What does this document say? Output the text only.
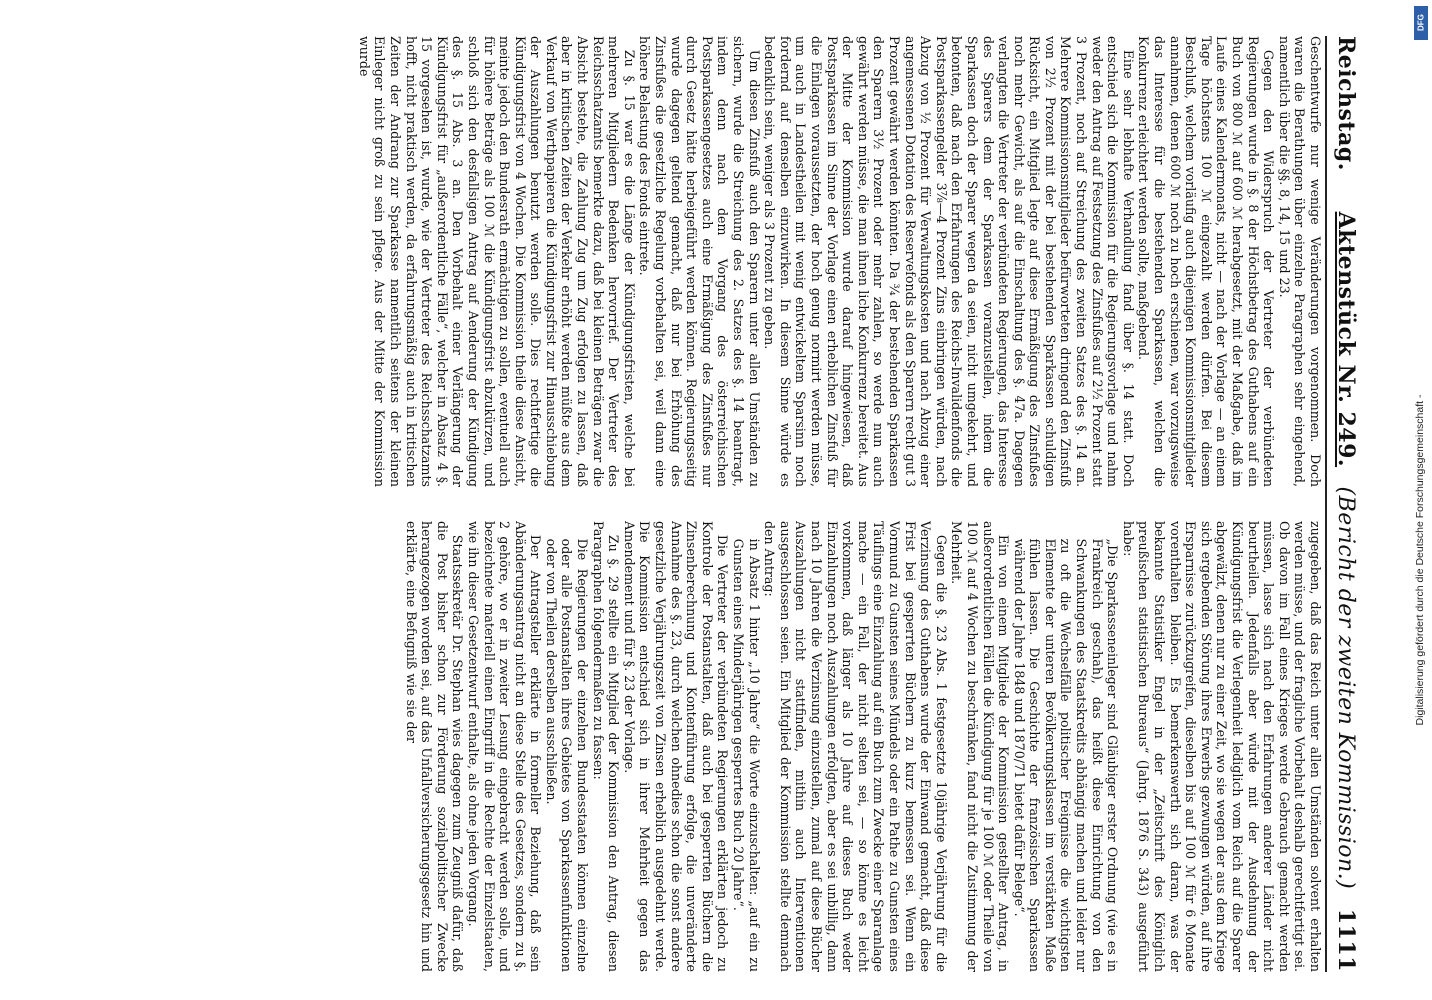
Reichstag.     Aktenstück Nr. 249.
(Bericht der zweiten Kommission.)
1111

Geschentwurfe nur wenige Veränderungen vorgenommen. Doch waren die Berathungen über einzelne Paragraphen sehr eingehend, namentlich über die §§. 8, 14, 15 und 23.

Gegen den Widerspruch der Vertreter der verbündeten Regierungen wurde in §. 8 der Höchstbetrag des Guthabens auf ein Buch von 800 ℳ auf 600 ℳ herabgesetzt, mit der Maßgabe, daß im Laufe eines Kalendermonats, nicht — nach der Vorlage — an einem Tage höchstens 100 ℳ eingezahlt werden dürfen. Bei diesem Beschluß, welchem vorläufig auch diejenigen Kommissionsmitglieder annahmen, denen 600 ℳ noch zu hoch erschienen, war vorzugsweise das Interesse für die bestehenden Sparkassen, welchen die Konkurrenz erleichtert werden sollte, maßgebend.

Eine sehr lebhafte Verhandlung fand über §. 14 statt. Doch entschied sich die Kommission für die Regierungsvorlage und nahm weder den Antrag auf Festsetzung des Zinsfußes auf 2½ Prozent statt 3 Prozent, noch auf Streichung des zweiten Satzes des §. 14 an. Mehrere Kommissionsmitglieder befürworteten dringend den Zinsfuß von 2½ Prozent mit der bei bestehenden Sparkassen schuldigen Rücksicht, ein Mitglied legte auf diese Ermäßigung des Zinsfußes noch mehr Gewicht, als auf die Einschaltung des §. 47a. Dagegen verlangten die Vertreter der verbündeten Regierungen, das Interesse des Sparers dem der Sparkassen voranzustellen, indem die Sparkassen doch der Sparer wegen da seien, nicht umgekehrt, und betonten, daß nach den Erfahrungen des Reichs-Invalidenfonds die Postsparkassengelder 3⅞—4 Prozent Zins einbringen würden, nach Abzug von ½ Prozent für Verwaltungskosten und nach Abzug einer angemessenen Dotation des Reservefonds als den Sparern recht gut 3 Prozent gewährt werden könnten. Da ¾ der bestehenden Sparkassen den Sparern 3½ Prozent oder mehr zahlen, so werde nun auch gewährt werden müsse, die man ihnen liche Konkurrenz bereitet. Aus der Mitte der Kommission wurde darauf hingewiesen, daß Postsparkassen im Sinne der Vorlage einen erheblichen Zinsfuß für die Einlagen voraussetzten, der hoch genug normirt werden müsse, um auch in Landestheilen mit wenig entwickeltem Sparsinn noch fordernd auf denselben einzuwirken. In diesem Sinne würde es bedenklich sein, weniger als 3 Prozent zu geben.

Um diesen Zinsfuß auch den Sparern unter allen Umständen zu sichern, wurde die Streichung des 2. Satzes des §. 14 beantragt, indem denn nach dem Vorgang des österreichischen Postsparkassengesetzes auch eine Ermäßigung des Zinsfußes nur durch Gesetz hätte herbeigeführt werden können. Regierungsseitig wurde dagegen geltend gemacht, daß nur bei Erhöhung des Zinsfußes die gesetzliche Regelung vorbehalten sei, weil dann eine höhere Belastung des Fonds eintrete.

Zu §. 15 war es die Länge der Kündigungsfristen, welche bei mehreren Mitgliedern Bedenken hervorrief. Der Vertreter des Reichsschatzamts bemerkte dazu, daß bei kleinen Beträgen zwar die Absicht bestehe, die Zahlung Zug um Zug erfolgen zu lassen, daß aber in kritischen Zeiten der Verkehr erhöht werden müßte aus dem Verkauf von Werthpapieren die Kündigungsfrist zur Hinausschiebung der Auszahlungen benutzt werden solle. Dies rechtfertige die Kündigungsfrist von 4 Wochen. Die Kommission theile diese Ansicht, meinte jedoch den Bundesrath ermächtigen zu sollen, eventuell auch für höhere Beträge als 100 ℳ die Kündigungsfrist abzukürzen, und schloß sich den desfallsigen Antrag auf Aenderung der Kündigung des §. 15 Abs. 3 an. Den Vorbehalt einer Verlängerung der Kündigungsfrist für „außerordentliche Fälle“, welcher in Absatz 4 §. 15 vorgesehen ist, wurde, wie der Vertreter des Reichsschatzamts hofft, nicht praktisch werden, da erfahrungsmäßig auch in kritischen Zeiten der Andrang zur Sparkasse namentlich seitens der kleinen Einleger nicht groß zu sein pflege. Aus der Mitte der Kommission wurde

zugegeben, daß das Reich unter allen Umständen solvent erhalten werden müsse, und der fragliche Vorbehalt deshalb gerechtfertigt sei. Ob davon im Fall eines Krieges werde Gebrauch gemacht werden müssen, lasse sich nach den Erfahrungen anderer Länder nicht beurtheilen. Jedenfalls aber würde mit der Ausdehnung der Kündigungsfrist die Verlegenheit lediglich vom Reich auf die Sparer abgewälzt, denen nur zu einer Zeit, wo sie wegen der aus dem Kriege sich ergebenden Störung ihres Erwerbs gezwungen würden, auf ihre Ersparnisse zurückzugreifen, dieselben bis auf 100 ℳ für 6 Monate vorenthalten bleiben. Es bemerkenswerth sich daran, was der bekannte Statistiker Engel in der „Zeitschrift des Königlich preußischen statistischen Bureaus“ (Jahrg. 1876 S. 343) ausgeführt habe:

„Die Sparkasseneinleger sind Gläubiger erster Ordnung (wie es in Frankreich geschah), das heißt diese Einrichtung von den Schwankungen des Staatskredits abhängig machen und leider nur zu oft die Wechselfälle politischer Ereignisse die wichtigsten Elemente der unteren Bevölkerungsklassen im verstärkten Maße fühlen lassen. Die Geschichte der französischen Sparkassen während der Jahre 1848 und 1870/71 bietet dafür Belege“.

Ein von einem Mitgliede der Kommission gestellter Antrag, in außerordentlichen Fällen die Kündigung für je 100 ℳ oder Theile von 100 ℳ auf 4 Wochen zu beschränken, fand nicht die Zustimmung der Mehrheit.

Gegen die §. 23 Abs. 1 festgesetzte 10jährige Verjährung für die Verzinsung des Guthabens wurde der Einwand gemacht, daß diese Frist bei gesperrten Büchern zu kurz bemessen sei. Wenn ein Vormund zu Gunsten seines Mündels oder ein Pathe zu Gunsten eines Täuflings eine Einzahlung auf ein Buch zum Zwecke einer Sparanlage mache — ein Fall, der nicht selten sei, — so könne es leicht vorkommen, daß länger als 10 Jahre auf dieses Buch weder Einzahlungen noch Auszahlungen erfolgten, aber es sei unbillig, dann nach 10 Jahren die Verzinsung einzustellen, zumal auf diese Bücher Auszahlungen nicht stattfinden, mithin auch Interventionen ausgeschlossen seien. Ein Mitglied der Kommission stellte demnach den Antrag:

in Absatz 1 hinter „10 Jahre“ die Worte einzuschalten: „auf ein zu Gunsten eines Minderjährigen gesperrtes Buch 20 Jahre“.

Die Vertreter der verbündeten Regierungen erklärten jedoch zu Kontrole der Postanstalten, daß auch bei gesperrten Büchern die Zinsenberechnung und Kontenführung erfolge, die unveränderte Annahme des §. 23, durch welchen ohnedies schon die sonst andere gesetzliche Verjährungszeit von Zinsen erheblich ausgedehnt werde. Die Kommission entschied sich in ihrer Mehrheit gegen das Amendement und für §. 23 der Vorlage.

Zu §. 29 stellte ein Mitglied der Kommission den Antrag, diesen Paragraphen folgendermaßen zu fassen:

Die Regierungen der einzelnen Bundesstaaten können einzelne oder alle Postanstalten ihres Gebietes von Sparkassenfunktionen oder von Theilen derselben ausschließen.

Der Antragsteller erklärte in formeller Beziehung, daß sein Abänderungsantrag nicht an diese Stelle des Gesetzes, sondern zu §. 2 gehöre, wo er in zweiter Lesung eingebracht werden solle, und bezeichnete materiell einen Eingriff in die Rechte der Einzelstaaten, wie ihn dieser Gesetzentwurf enthalte, als ohne jeden Vorgang.

Staatssekretär Dr. Stephan wies dagegen zum Zeugniß dafür, daß die Post bisher schon zur Förderung sozialpolitischer Zwecke herangezogen worden sei, auf das Unfallversicherungsgesetz hin und erklärte, eine Befugniß wie sie der	Digitalisierung gefördert durch die Deutsche Forschungsgemeinschaft -
DFG
